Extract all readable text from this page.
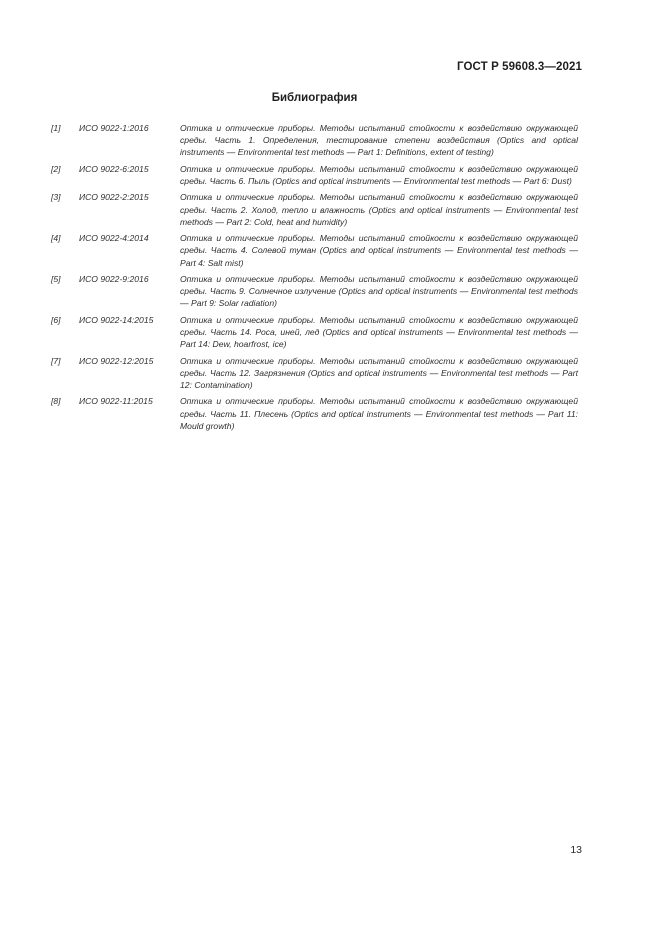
ГОСТ Р 59608.3—2021
Библиография
[1] ИСО 9022-1:2016	Оптика и оптические приборы. Методы испытаний стойкости к воздействию окружающей среды. Часть 1. Определения, тестирование степени воздействия (Optics and optical instruments — Environmental test methods — Part 1: Definitions, extent of testing)
[2] ИСО 9022-6:2015	Оптика и оптические приборы. Методы испытаний стойкости к воздействию окружающей среды. Часть 6. Пыль (Optics and optical instruments — Environmental test methods — Part 6: Dust)
[3] ИСО 9022-2:2015	Оптика и оптические приборы. Методы испытаний стойкости к воздействию окружающей среды. Часть 2. Холод, тепло и влажность (Optics and optical instruments — Environmental test methods — Part 2: Cold, heat and humidity)
[4] ИСО 9022-4:2014	Оптика и оптические приборы. Методы испытаний стойкости к воздействию окружающей среды. Часть 4. Солевой туман (Optics and optical instruments — Environmental test methods — Part 4: Salt mist)
[5] ИСО 9022-9:2016	Оптика и оптические приборы. Методы испытаний стойкости к воздействию окружающей среды. Часть 9. Солнечное излучение (Optics and optical instruments — Environmental test methods — Part 9: Solar radiation)
[6] ИСО 9022-14:2015	Оптика и оптические приборы. Методы испытаний стойкости к воздействию окружающей среды. Часть 14. Роса, иней, лед (Optics and optical instruments — Environmental test methods — Part 14: Dew, hoarfrost, ice)
[7] ИСО 9022-12:2015	Оптика и оптические приборы. Методы испытаний стойкости к воздействию окружающей среды. Часть 12. Загрязнения (Optics and optical instruments — Environmental test methods — Part 12: Contamination)
[8] ИСО 9022-11:2015	Оптика и оптические приборы. Методы испытаний стойкости к воздействию окружающей среды. Часть 11. Плесень (Optics and optical instruments — Environmental test methods — Part 11: Mould growth)
13
